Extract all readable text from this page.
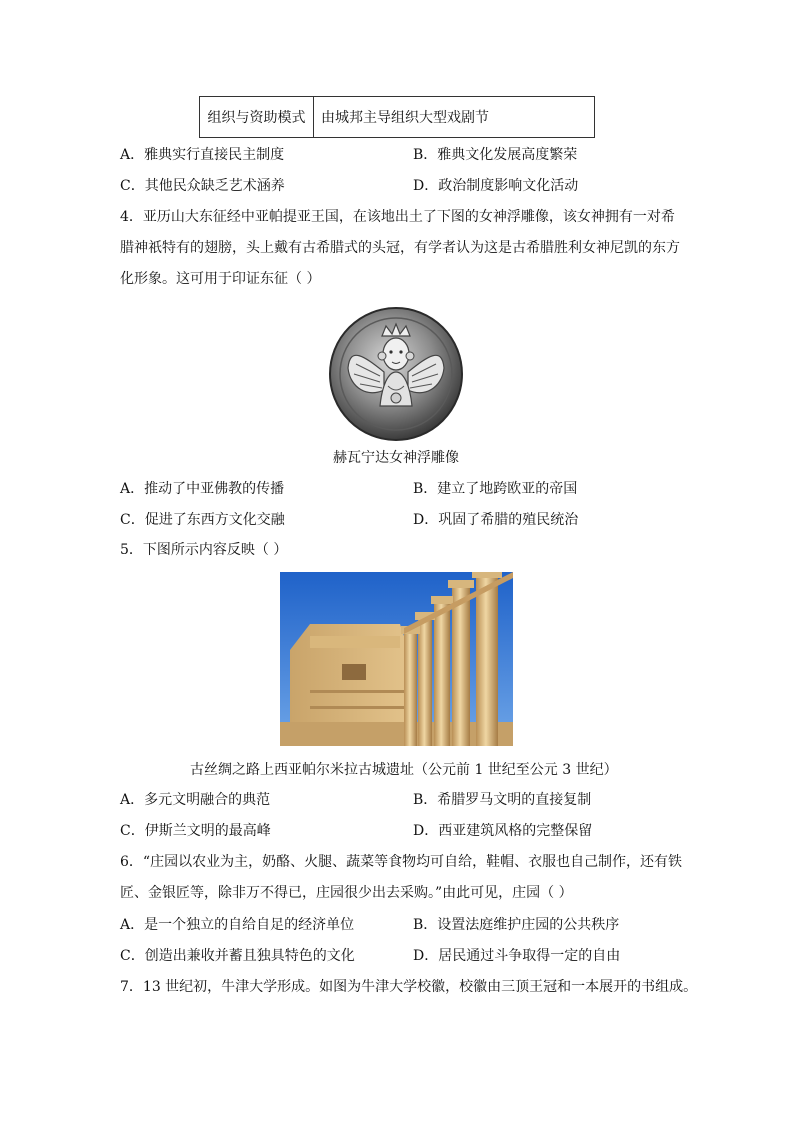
组织与资助模式	由城邦主导组织大型戏剧节
A．雅典实行直接民主制度	B．雅典文化发展高度繁荣
C．其他民众缺乏艺术涵养	D．政治制度影响文化活动
4．亚历山大东征经中亚帕提亚王国，在该地出土了下图的女神浮雕像，该女神拥有一对希
腊神祇特有的翅膀，头上戴有古希腊式的头冠，有学者认为这是古希腊胜利女神尼凯的东方
化形象。这可用于印证东征（ ）
赫瓦宁达女神浮雕像
A．推动了中亚佛教的传播	B．建立了地跨欧亚的帝国
C．促进了东西方文化交融	D．巩固了希腊的殖民统治
5．下图所示内容反映（ ）
古丝绸之路上西亚帕尔米拉古城遗址（公元前 1 世纪至公元 3 世纪）
A．多元文明融合的典范	B．希腊罗马文明的直接复制
C．伊斯兰文明的最高峰	D．西亚建筑风格的完整保留
6．“庄园以农业为主，奶酪、火腿、蔬菜等食物均可自给，鞋帽、衣服也自己制作，还有铁
匠、金银匠等，除非万不得已，庄园很少出去采购。”由此可见，庄园（ ）
A．是一个独立的自给自足的经济单位	B．设置法庭维护庄园的公共秩序
C．创造出兼收并蓄且独具特色的文化	D．居民通过斗争取得一定的自由
7．13 世纪初，牛津大学形成。如图为牛津大学校徽，校徽由三顶王冠和一本展开的书组成。
